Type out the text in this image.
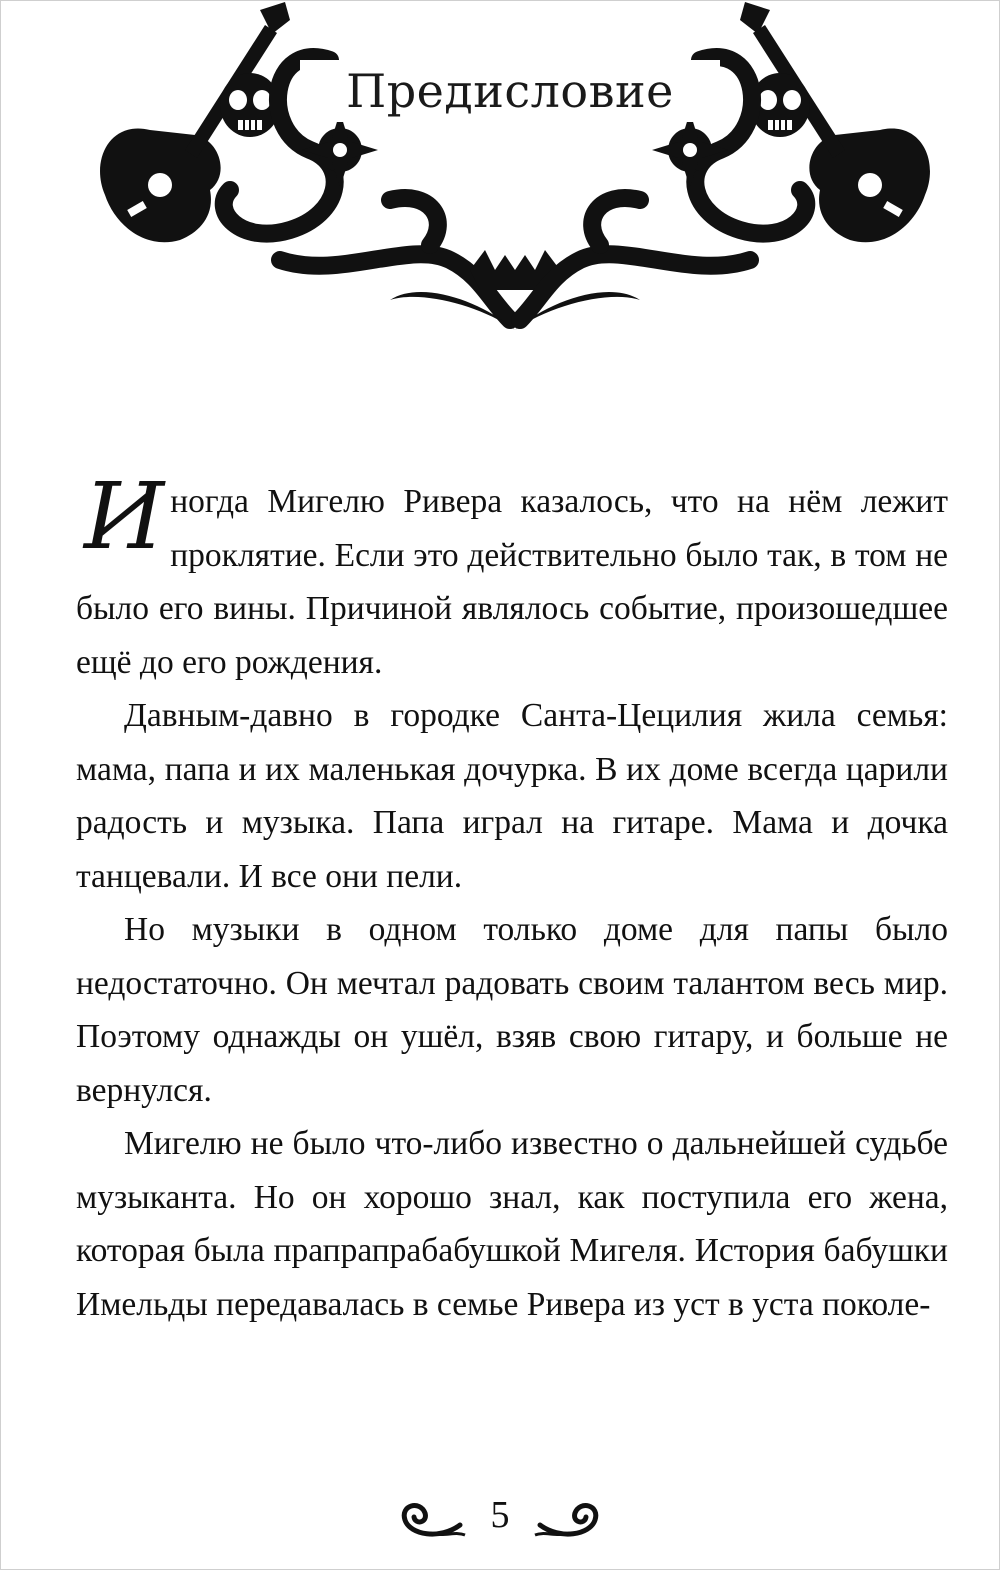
Предисловие

Иногда Мигелю Ривера казалось, что на нём лежит проклятие. Если это действительно было так, в том не было его вины. Причиной являлось событие, произошедшее ещё до его рождения.

Давным-давно в городке Санта-Цецилия жила семья: мама, папа и их маленькая дочурка. В их доме всегда царили радость и музыка. Папа играл на гитаре. Мама и дочка танцевали. И все они пели.

Но музыки в одном только доме для папы было недостаточно. Он мечтал радовать своим талантом весь мир. Поэтому однажды он ушёл, взяв свою гитару, и больше не вернулся.

Мигелю не было что-либо известно о дальнейшей судьбе музыканта. Но он хорошо знал, как поступила его жена, которая была прапрапрабабушкой Мигеля. История бабушки Имельды передавалась в семье Ривера из уст в уста поколе-

5
